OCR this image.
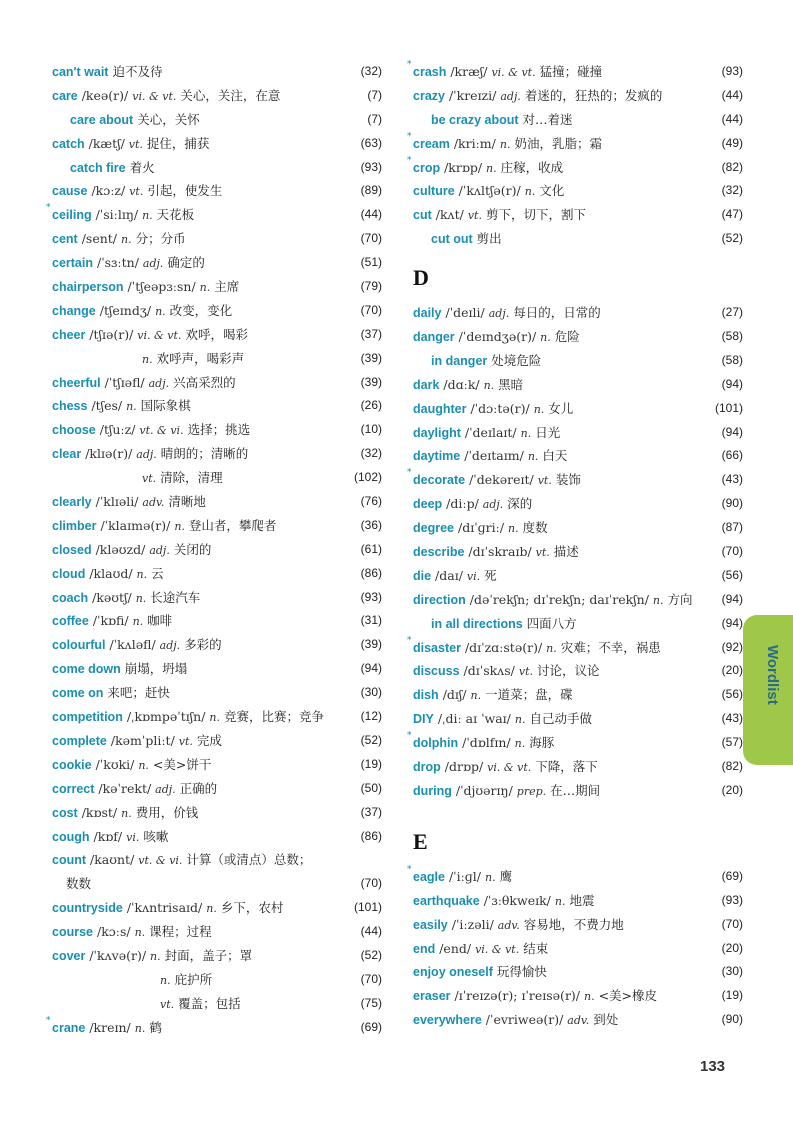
can't wait 迫不及待	(32)
care /keə(r)/ vi. & vt. 关心，关注，在意	(7)
care about 关心，关怀	(7)
catch /kætʃ/ vt. 捉住，捕获	(63)
catch fire 着火	(93)
cause /kɔːz/ vt. 引起，使发生	(89)
* ceiling /ˈsiːlɪŋ/ n. 天花板	(44)
cent /sent/ n. 分；分币	(70)
certain /ˈsɜːtn/ adj. 确定的	(51)
chairperson /ˈtʃeəpɜːsn/ n. 主席	(79)
change /tʃeɪndʒ/ n. 改变，变化	(70)
cheer /tʃɪə(r)/ vi. & vt. 欢呼，喝彩	(37)
n. 欢呼声，喝彩声	(39)
cheerful /ˈtʃɪəfl/ adj. 兴高采烈的	(39)
chess /tʃes/ n. 国际象棋	(26)
choose /tʃuːz/ vt. & vi. 选择；挑选	(10)
clear /klɪə(r)/ adj. 晴朗的；清晰的	(32)
vt. 清除，清理	(102)
clearly /ˈklɪəli/ adv. 清晰地	(76)
climber /ˈklaɪmə(r)/ n. 登山者，攀爬者	(36)
closed /kləʊzd/ adj. 关闭的	(61)
cloud /klaʊd/ n. 云	(86)
coach /kəʊtʃ/ n. 长途汽车	(93)
coffee /ˈkɒfi/ n. 咖啡	(31)
colourful /ˈkʌləfl/ adj. 多彩的	(39)
come down 崩塌，坍塌	(94)
come on 来吧；赶快	(30)
competition /ˌkɒmpəˈtɪʃn/ n. 竞赛，比赛；竞争	(12)
complete /kəmˈpliːt/ vt. 完成	(52)
cookie /ˈkʊki/ n. <美>饼干	(19)
correct /kəˈrekt/ adj. 正确的	(50)
cost /kɒst/ n. 费用，价钱	(37)
cough /kɒf/ vi. 咳嗽	(86)
count /kaʊnt/ vt. & vi. 计算（或清点）总数；
数数	(70)
countryside /ˈkʌntrisaɪd/ n. 乡下，农村	(101)
course /kɔːs/ n. 课程；过程	(44)
cover /ˈkʌvə(r)/ n. 封面，盖子；罩	(52)
n. 庇护所	(70)
vt. 覆盖；包括	(75)
* crane /kreɪn/ n. 鹤	(69)
* crash /kræʃ/ vi. & vt. 猛撞；碰撞	(93)
crazy /ˈkreɪzi/ adj. 着迷的，狂热的；发疯的	(44)
be crazy about 对…着迷	(44)
* cream /kriːm/ n. 奶油，乳脂；霜	(49)
* crop /krɒp/ n. 庄稼，收成	(82)
culture /ˈkʌltʃə(r)/ n. 文化	(32)
cut /kʌt/ vt. 剪下，切下，割下	(47)
cut out 剪出	(52)
D
daily /ˈdeɪli/ adj. 每日的，日常的	(27)
danger /ˈdeɪndʒə(r)/ n. 危险	(58)
in danger 处境危险	(58)
dark /dɑːk/ n. 黑暗	(94)
daughter /ˈdɔːtə(r)/ n. 女儿	(101)
daylight /ˈdeɪlaɪt/ n. 日光	(94)
daytime /ˈdeɪtaɪm/ n. 白天	(66)
* decorate /ˈdekəreɪt/ vt. 装饰	(43)
deep /diːp/ adj. 深的	(90)
degree /dɪˈɡriː/ n. 度数	(87)
describe /dɪˈskraɪb/ vt. 描述	(70)
die /daɪ/ vi. 死	(56)
direction /dəˈrekʃn; dɪˈrekʃn; daɪˈrekʃn/ n. 方向	(94)
in all directions 四面八方	(94)
* disaster /dɪˈzɑːstə(r)/ n. 灾难；不幸，祸患	(92)
discuss /dɪˈskʌs/ vt. 讨论，议论	(20)
dish /dɪʃ/ n. 一道菜；盘，碟	(56)
DIY /ˌdiː aɪ ˈwaɪ/ n. 自己动手做	(43)
* dolphin /ˈdɒlfɪn/ n. 海豚	(57)
drop /drɒp/ vi. & vt. 下降，落下	(82)
during /ˈdjʊərɪŋ/ prep. 在…期间	(20)
E
* eagle /ˈiːɡl/ n. 鹰	(69)
earthquake /ˈɜːθkweɪk/ n. 地震	(93)
easily /ˈiːzəli/ adv. 容易地，不费力地	(70)
end /end/ vi. & vt. 结束	(20)
enjoy oneself 玩得愉快	(30)
eraser /ɪˈreɪzə(r); ɪˈreɪsə(r)/ n. <美>橡皮	(19)
everywhere /ˈevriweə(r)/ adv. 到处	(90)
Wordlist
133
